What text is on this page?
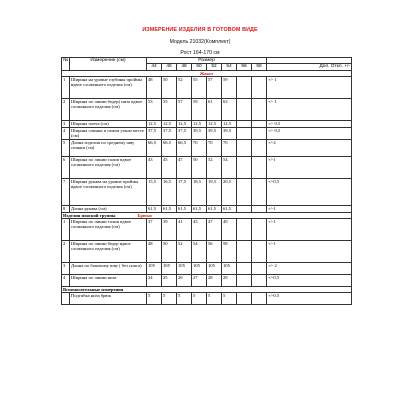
ИЗМЕРЕНИЕ ИЗДЕЛИЯ В ГОТОВОМ ВИДЕ
Модель 21032(Комплект)
Рост 164-170 см
№	Измерение (см)	Размер								
		44	46	48	50	52	54	56	58	Доп. Откл. +/-
Жакет										
1	Ширина на уровне глубины проймы вдвое сложенного изделия (см)	48	50	52	55	57	59			+/- 1
2	Ширина по линии бедер( низа вдвое сложенного изделия (см)	53	55	57	59	61	63			+/- 1
3	Ширина плеча (см)	12,5	12,5	12,5	12,5	12,5	12,5			+/- 0,5
4	Ширина спинки в самом узком месте (см)	37,5	37,5	37,5	39,5	39,5	39,5			+/- 0,5
5	Длина изделия по среднему шву спинки (см)	66,5	66,5	66,5	70	70	70			+/-2
6	Ширина по линии талии вдвое сложенного изделия (см)	43	45	47	50	52	54			+/-1
7	Ширина рукава на уровне проймы вдвое сложенного изделия (см)	15,5	16,5	17,5	18,5	19,5	20,5			+/-0,5
8	Длина рукава (см)	61,5	61,5	61,5	61,5	61,5	61,5			+/-1
Изделия поясной группы Брюки										
1	Ширина по линии талии вдвое сложенного изделия (см)	37	39	41	45	47	49			+/-1
2	Ширина по линии бедер вдвое сложенного изделия (см)	48	50	52	54	56	58			+/-1
3	Длина по боковому шву ( без пояса)	105	105	105	105	105	105			+/- 2
4	Ширина по линии низа	24	25	26	27	28	29			+/-0,5
Вспомогательные измерения										
	Подгибка низа брюк	5	5	5	5	5	5			+/-0,5
